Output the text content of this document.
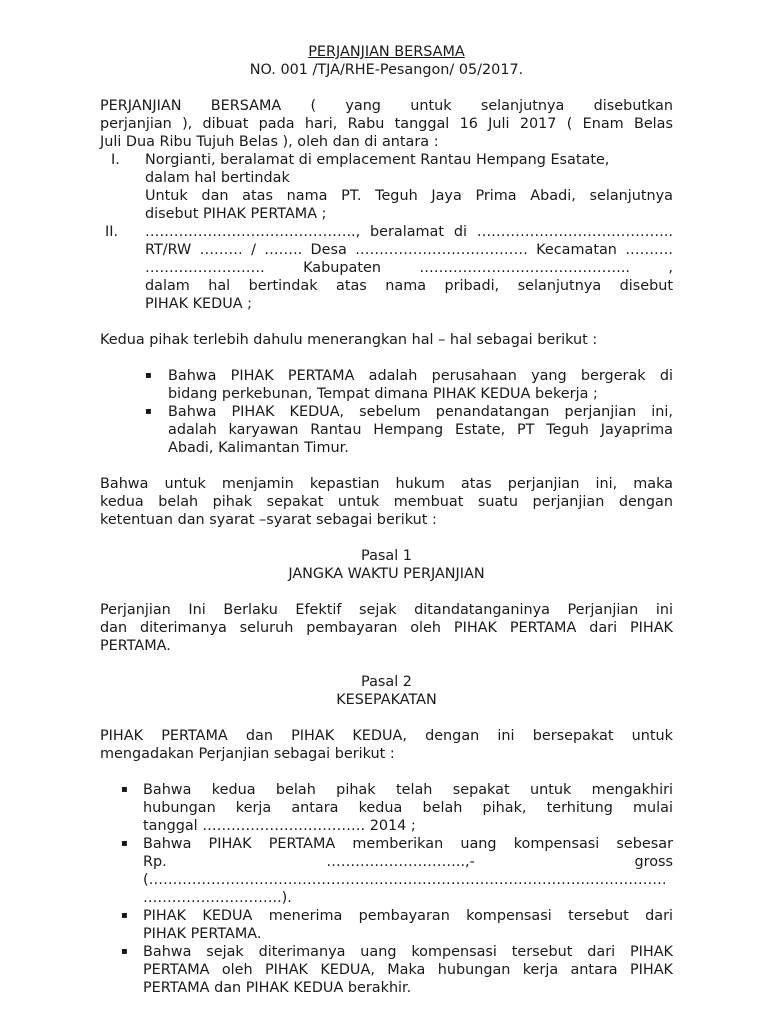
PERJANJIAN BERSAMA
NO. 001 /TJA/RHE-Pesangon/ 05/2017.
PERJANJIAN BERSAMA ( yang untuk selanjutnya disebutkan
perjanjian ), dibuat pada hari, Rabu tanggal 16 Juli 2017 ( Enam Belas
Juli Dua Ribu Tujuh Belas ), oleh dan di antara :
I. Norgianti, beralamat di emplacement Rantau Hempang Esatate,
dalam hal bertindak
Untuk dan atas nama PT. Teguh Jaya Prima Abadi, selanjutnya
disebut PIHAK PERTAMA ;
II. …………………………………….., beralamat di …………………………………..
RT/RW ……… / …….. Desa ……………………………… Kecamatan ……….
……………………. Kabupaten …………………………………….. ,
dalam hal bertindak atas nama pribadi, selanjutnya disebut
PIHAK KEDUA ;
Kedua pihak terlebih dahulu menerangkan hal – hal sebagai berikut :
▪ Bahwa PIHAK PERTAMA adalah perusahaan yang bergerak di
bidang perkebunan, Tempat dimana PIHAK KEDUA bekerja ;
▪ Bahwa PIHAK KEDUA, sebelum penandatangan perjanjian ini,
adalah karyawan Rantau Hempang Estate, PT Teguh Jayaprima
Abadi, Kalimantan Timur.
Bahwa untuk menjamin kepastian hukum atas perjanjian ini, maka
kedua belah pihak sepakat untuk membuat suatu perjanjian dengan
ketentuan dan syarat –syarat sebagai berikut :
Pasal 1
JANGKA WAKTU PERJANJIAN
Perjanjian Ini Berlaku Efektif sejak ditandatanganinya Perjanjian ini
dan diterimanya seluruh pembayaran oleh PIHAK PERTAMA dari PIHAK
PERTAMA.
Pasal 2
KESEPAKATAN
PIHAK PERTAMA dan PIHAK KEDUA, dengan ini bersepakat untuk
mengadakan Perjanjian sebagai berikut :
▪ Bahwa kedua belah pihak telah sepakat untuk mengakhiri
hubungan kerja antara kedua belah pihak, terhitung mulai
tanggal ……………………………. 2014 ;
▪ Bahwa PIHAK PERTAMA memberikan uang kompensasi sebesar
Rp. ………………………..,- gross
(………………………………………………………………………………………………
………………………..).
▪ PIHAK KEDUA menerima pembayaran kompensasi tersebut dari
PIHAK PERTAMA.
▪ Bahwa sejak diterimanya uang kompensasi tersebut dari PIHAK
PERTAMA oleh PIHAK KEDUA, Maka hubungan kerja antara PIHAK
PERTAMA dan PIHAK KEDUA berakhir.
